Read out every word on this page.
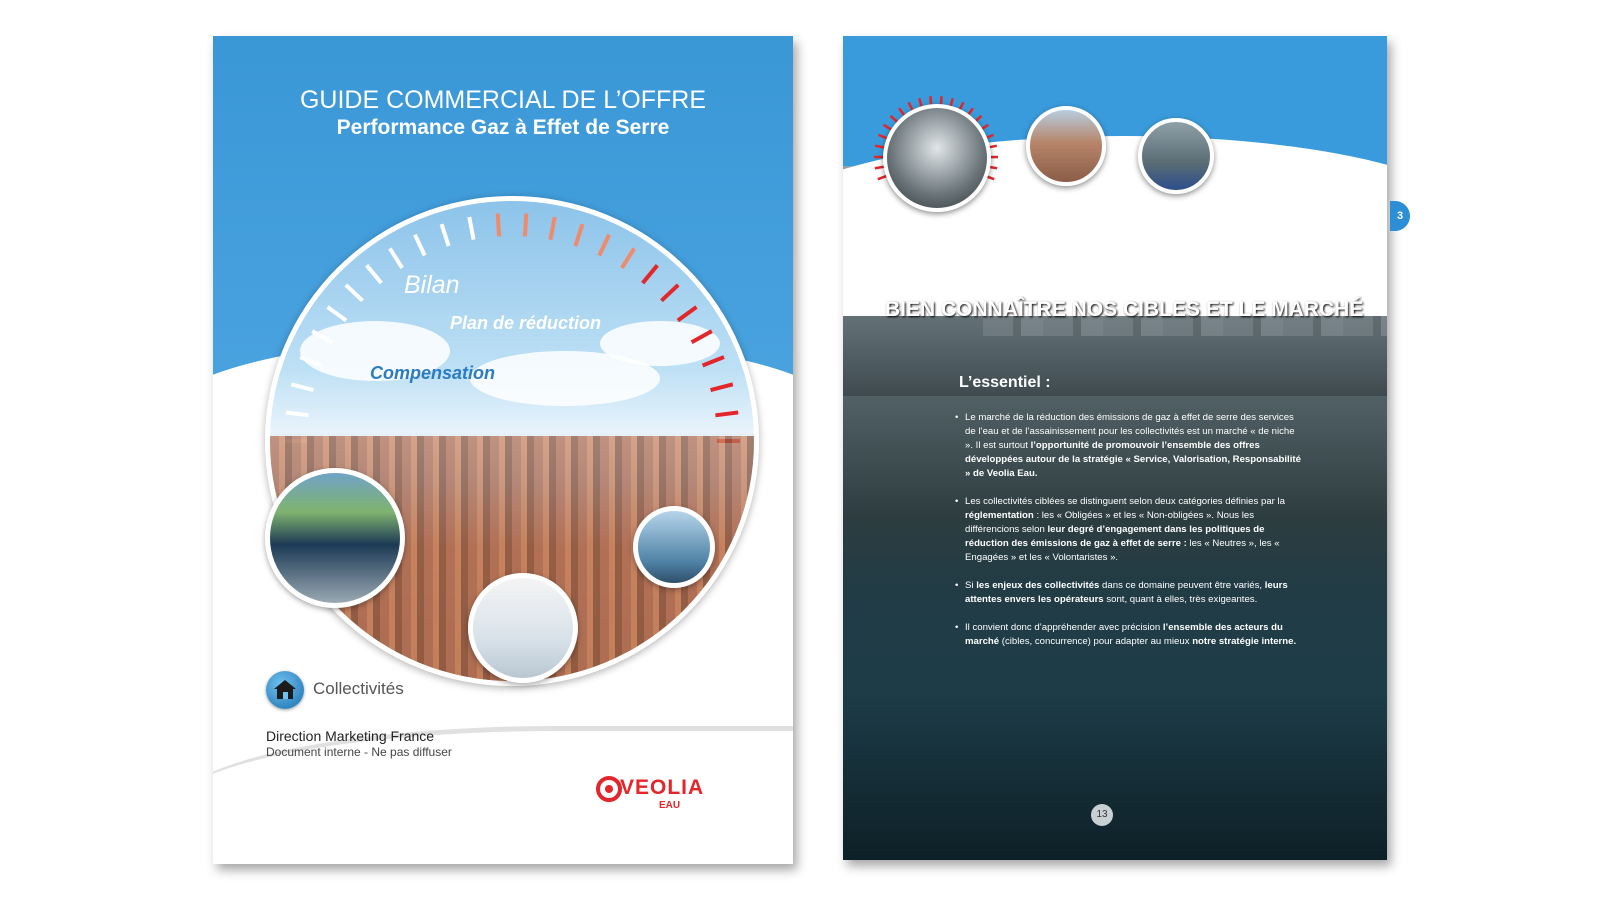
GUIDE COMMERCIAL DE L’OFFRE
Performance Gaz à Effet de Serre
Bilan
Plan de réduction
Compensation
Collectivités
Direction Marketing France
Document interne - Ne pas diffuser
VEOLIA
EAU
BIEN CONNAÎTRE NOS CIBLES ET LE MARCHÉ
L’essentiel :
• Le marché de la réduction des émissions de gaz à effet de serre des services de l’eau et de l’assainissement pour les collectivités est un marché « de niche ». Il est surtout l’opportunité de promouvoir l’ensemble des offres développées autour de la stratégie « Service, Valorisation, Responsabilité » de Veolia Eau.
• Les collectivités ciblées se distinguent selon deux catégories définies par la réglementation : les « Obligées » et les « Non-obligées ». Nous les différencions selon leur degré d’engagement dans les politiques de réduction des émissions de gaz à effet de serre : les « Neutres », les « Engagées » et les « Volontaristes ».
• Si les enjeux des collectivités dans ce domaine peuvent être variés, leurs attentes envers les opérateurs sont, quant à elles, très exigeantes.
• Il convient donc d’appréhender avec précision l’ensemble des acteurs du marché (cibles, concurrence) pour adapter au mieux notre stratégie interne.
13
3
